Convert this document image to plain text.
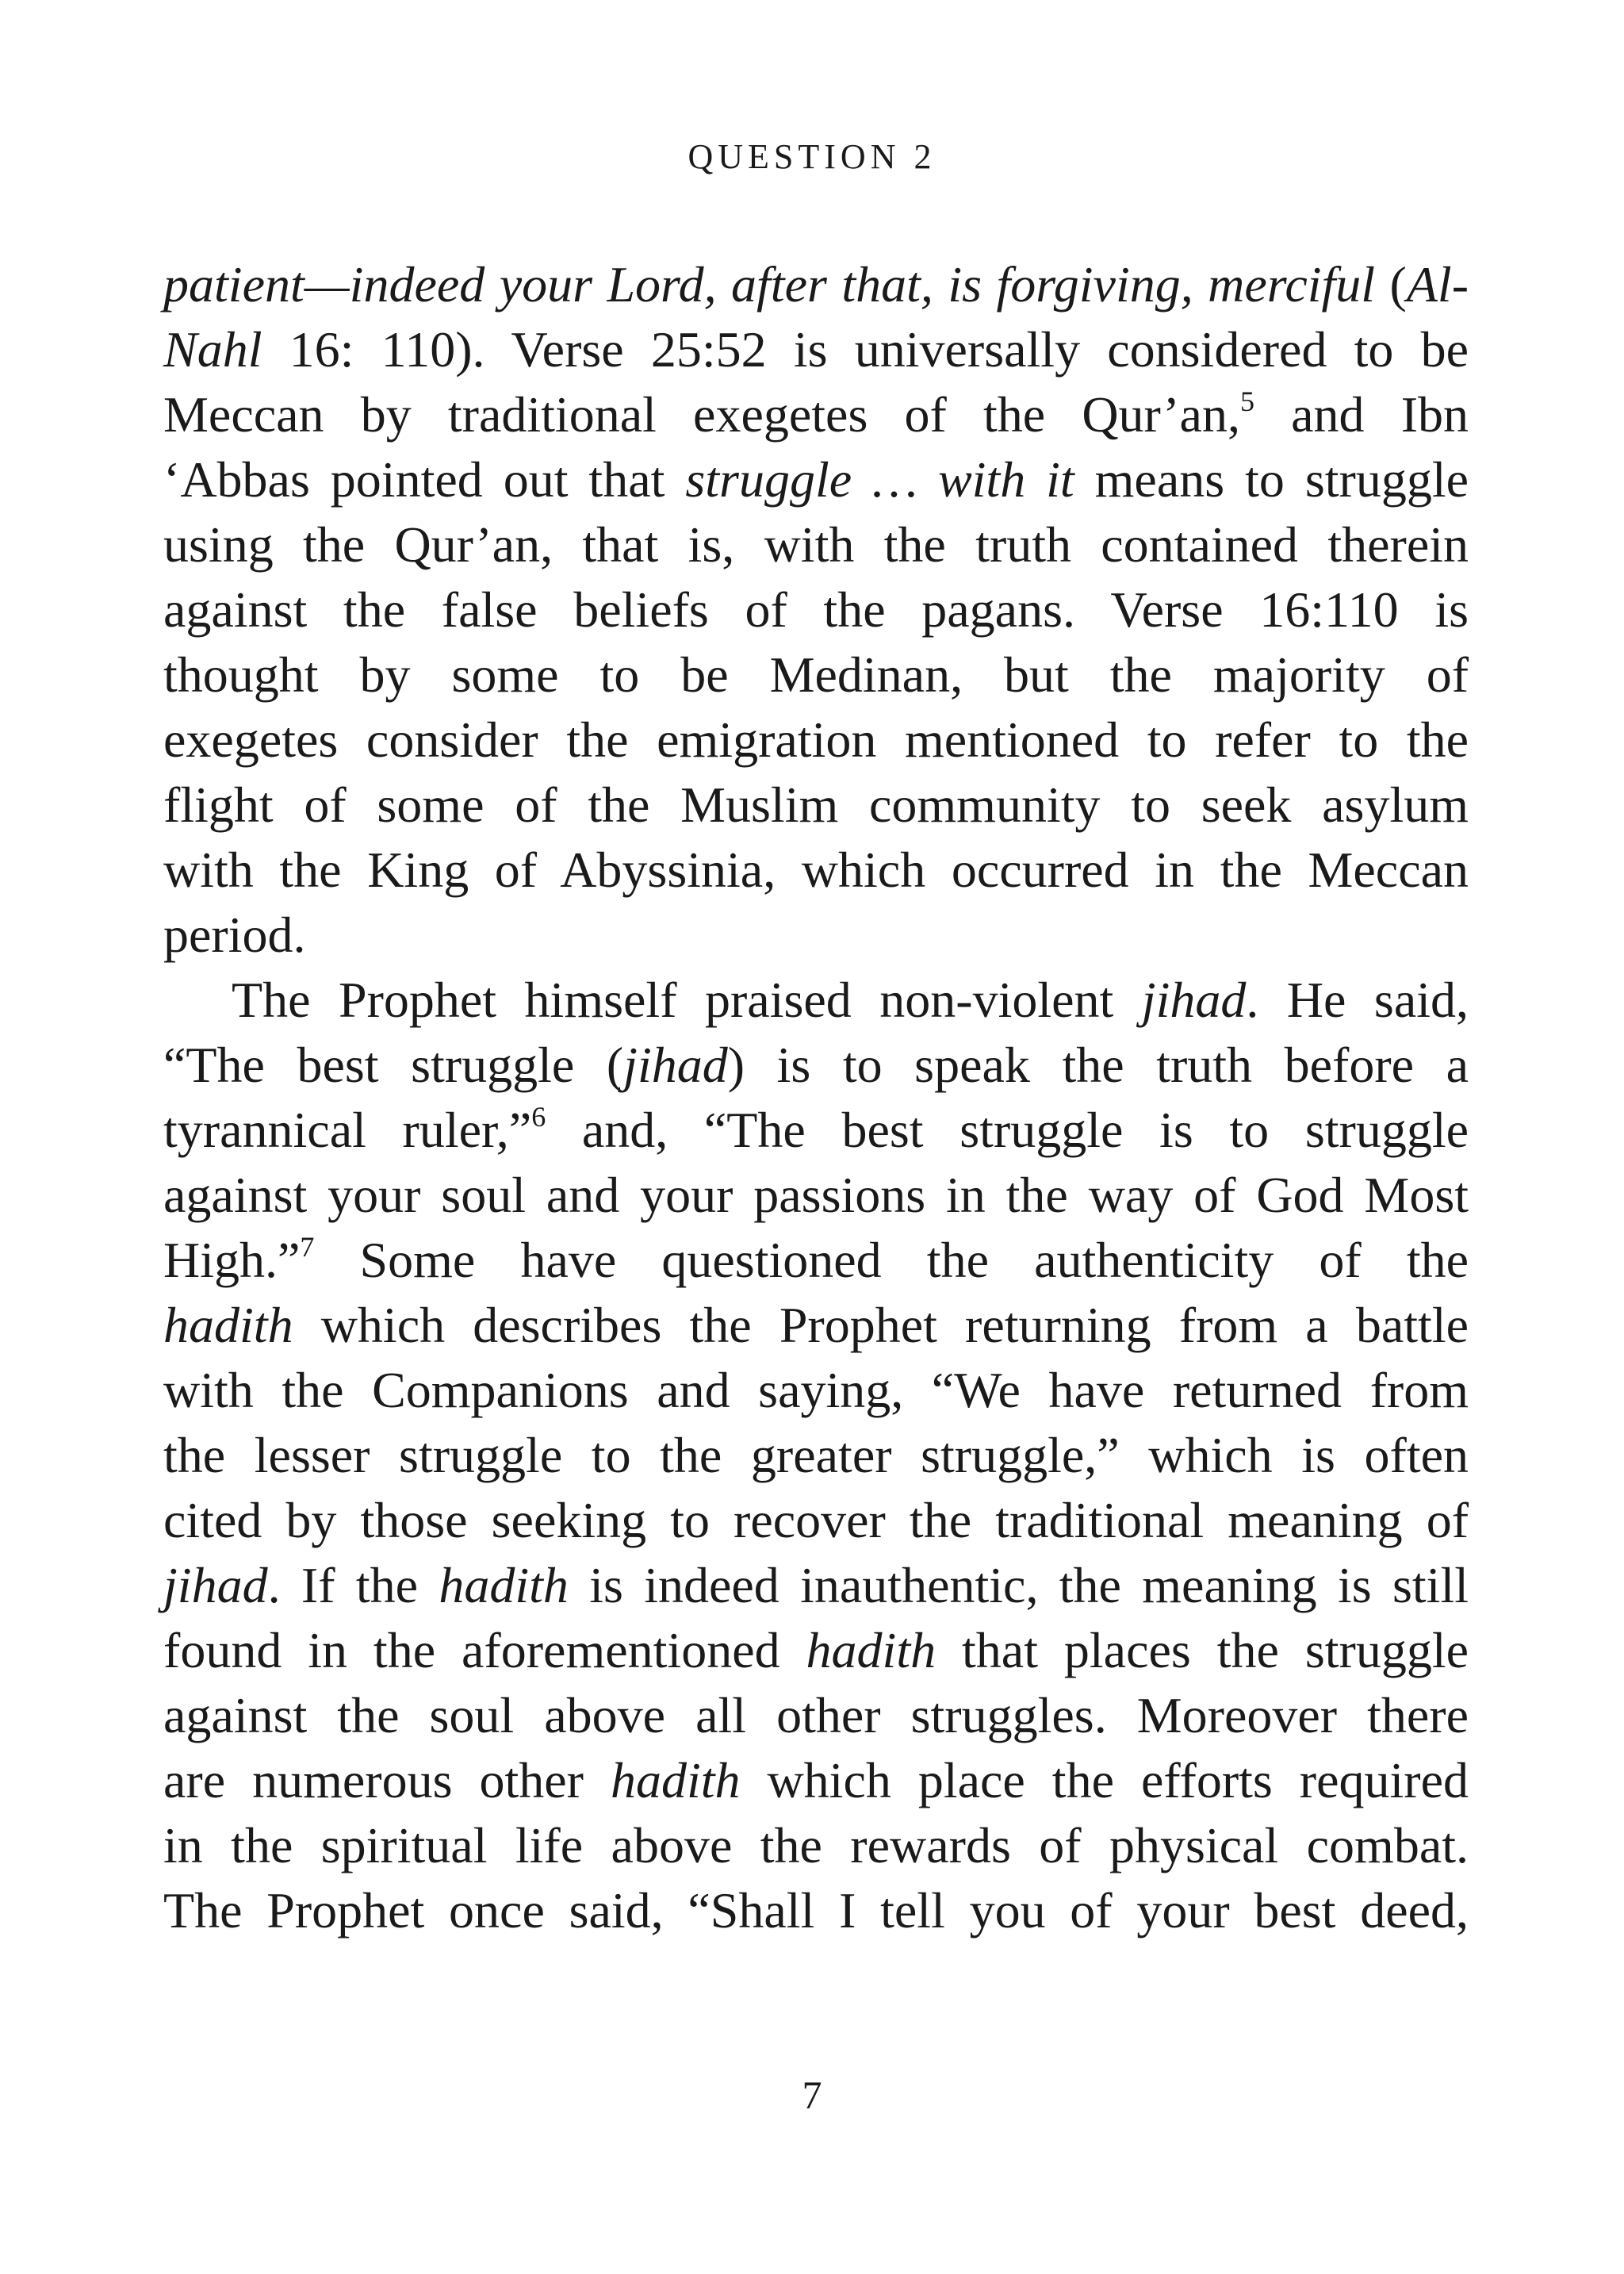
QUESTION 2
patient—indeed your Lord, after that, is forgiving, merciful (Al-
Nahl 16: 110). Verse 25:52 is universally considered to be
Meccan by traditional exegetes of the Qur’an,$^5$ and Ibn
‘Abbas pointed out that struggle … with it means to struggle
using the Qur’an, that is, with the truth contained therein
against the false beliefs of the pagans. Verse 16:110 is
thought by some to be Medinan, but the majority of
exegetes consider the emigration mentioned to refer to the
flight of some of the Muslim community to seek asylum
with the King of Abyssinia, which occurred in the Meccan
period.
The Prophet himself praised non-violent jihad. He said,
“The best struggle (jihad) is to speak the truth before a
tyrannical ruler,”$^6$ and, “The best struggle is to struggle
against your soul and your passions in the way of God Most
High.”$^7$ Some have questioned the authenticity of the
hadith which describes the Prophet returning from a battle
with the Companions and saying, “We have returned from
the lesser struggle to the greater struggle,” which is often
cited by those seeking to recover the traditional meaning of
jihad. If the hadith is indeed inauthentic, the meaning is still
found in the aforementioned hadith that places the struggle
against the soul above all other struggles. Moreover there
are numerous other hadith which place the efforts required
in the spiritual life above the rewards of physical combat.
The Prophet once said, “Shall I tell you of your best deed,
7
